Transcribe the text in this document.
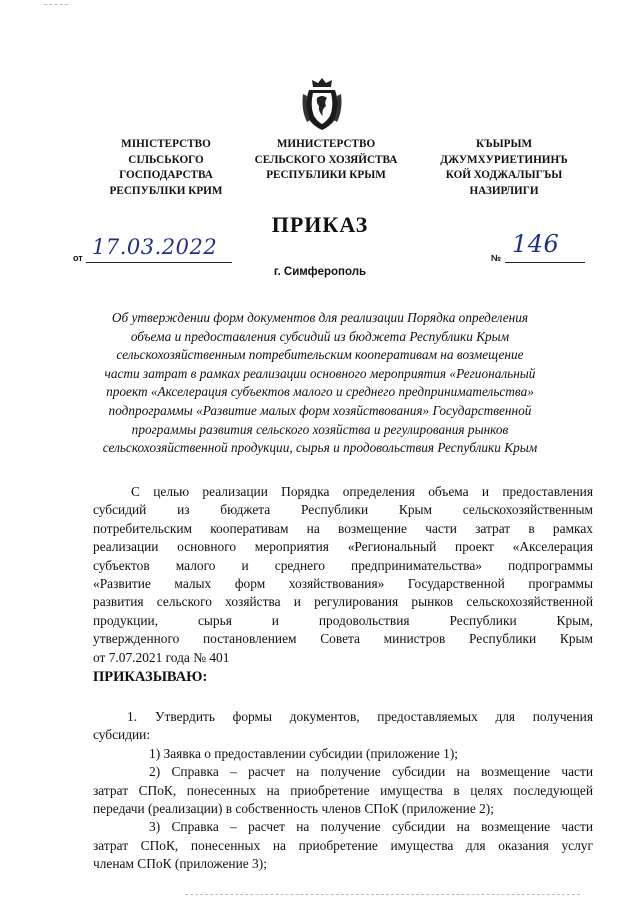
МІНІСТЕРСТВО
СІЛЬСЬКОГО
ГОСПОДАРСТВА
РЕСПУБЛІКИ КРИМ
МИНИСТЕРСТВО
СЕЛЬСКОГО ХОЗЯЙСТВА
РЕСПУБЛИКИ КРЫМ
КЪЫРЫМ
ДЖУМХУРИЕТИНИНЪ
КОЙ ХОДЖАЛЫГЪЫ
НАЗИРЛИГИ
ПРИКАЗ
от 17.03.2022	№ 146
г. Симферополь
Об утверждении форм документов для реализации Порядка определения
объема и предоставления субсидий из бюджета Республики Крым
сельскохозяйственным потребительским кооперативам на возмещение
части затрат в рамках реализации основного мероприятия «Региональный
проект «Акселерация субъектов малого и среднего предпринимательства»
подпрограммы «Развитие малых форм хозяйствования» Государственной
программы развития сельского хозяйства и регулирования рынков
сельскохозяйственной продукции, сырья и продовольствия Республики Крым
С целью реализации Порядка определения объема и предоставления
субсидий из бюджета Республики Крым сельскохозяйственным
потребительским кооперативам на возмещение части затрат в рамках
реализации основного мероприятия «Региональный проект «Акселерация
субъектов малого и среднего предпринимательства» подпрограммы
«Развитие малых форм хозяйствования» Государственной программы
развития сельского хозяйства и регулирования рынков сельскохозяйственной
продукции, сырья и продовольствия Республики Крым,
утвержденного постановлением Совета министров Республики Крым
от 7.07.2021 года № 401
ПРИКАЗЫВАЮ:
1. Утвердить формы документов, предоставляемых для получения
субсидии:
1) Заявка о предоставлении субсидии (приложение 1);
2) Справка – расчет на получение субсидии на возмещение части
затрат СПоК, понесенных на приобретение имущества в целях последующей
передачи (реализации) в собственность членов СПоК (приложение 2);
3) Справка – расчет на получение субсидии на возмещение части
затрат СПоК, понесенных на приобретение имущества для оказания услуг
членам СПоК (приложение 3);
